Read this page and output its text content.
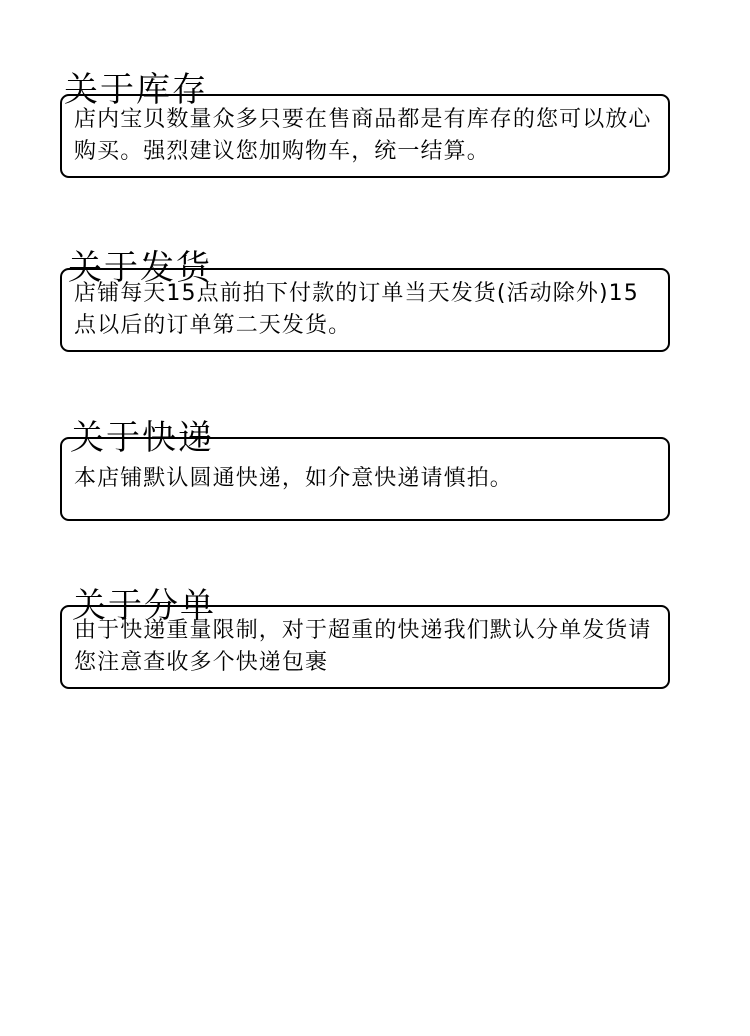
关于库存

店内宝贝数量众多只要在售商品都是有库存的您可以放心购买。强烈建议您加购物车，统一结算。

关于发货

店铺每天15点前拍下付款的订单当天发货(活动除外)15点以后的订单第二天发货。

关于快递

本店铺默认圆通快递，如介意快递请慎拍。

关于分单

由于快递重量限制，对于超重的快递我们默认分单发货请您注意查收多个快递包裹
